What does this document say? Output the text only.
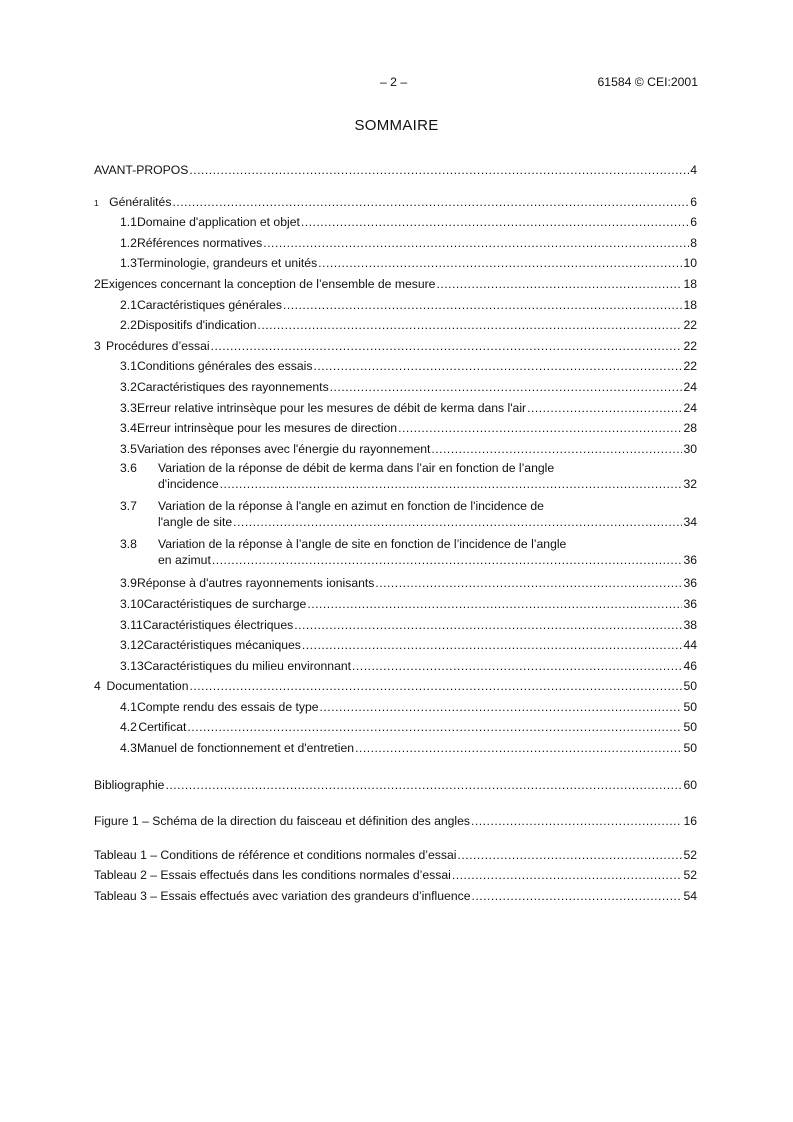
– 2 –	61584 © CEI:2001
SOMMAIRE
AVANT-PROPOS .....	4
1 Généralités .....	6
1.1 Domaine d'application et objet .....	6
1.2 Références normatives .....	8
1.3 Terminologie, grandeurs et unités .....	10
2 Exigences concernant la conception de l’ensemble de mesure .....	18
2.1 Caractéristiques générales .....	18
2.2 Dispositifs d'indication .....	22
3 Procédures d’essai .....	22
3.1 Conditions générales des essais .....	22
3.2 Caractéristiques des rayonnements .....	24
3.3 Erreur relative intrinsèque pour les mesures de débit de kerma dans l'air .....	24
3.4 Erreur intrinsèque pour les mesures de direction .....	28
3.5 Variation des réponses avec l'énergie du rayonnement .....	30
3.6	Variation de la réponse de débit de kerma dans l’air en fonction de l’angle
d'incidence .....	32
3.7	Variation de la réponse à l'angle en azimut en fonction de l'incidence de
l'angle de site .....	34
3.8	Variation de la réponse à l’angle de site en fonction de l’incidence de l’angle
en azimut .....	36
3.9 Réponse à d'autres rayonnements ionisants .....	36
3.10 Caractéristiques de surcharge .....	36
3.11 Caractéristiques électriques .....	38
3.12 Caractéristiques mécaniques .....	44
3.13 Caractéristiques du milieu environnant .....	46
4 Documentation .....	50
4.1 Compte rendu des essais de type .....	50
4.2 Certificat .....	50
4.3 Manuel de fonctionnement et d'entretien .....	50
Bibliographie .....	60
Figure 1 – Schéma de la direction du faisceau et définition des angles .....	16
Tableau 1 – Conditions de référence et conditions normales d’essai .....	52
Tableau 2 – Essais effectués dans les conditions normales d’essai .....	52
Tableau 3 – Essais effectués avec variation des grandeurs d’influence .....	54
